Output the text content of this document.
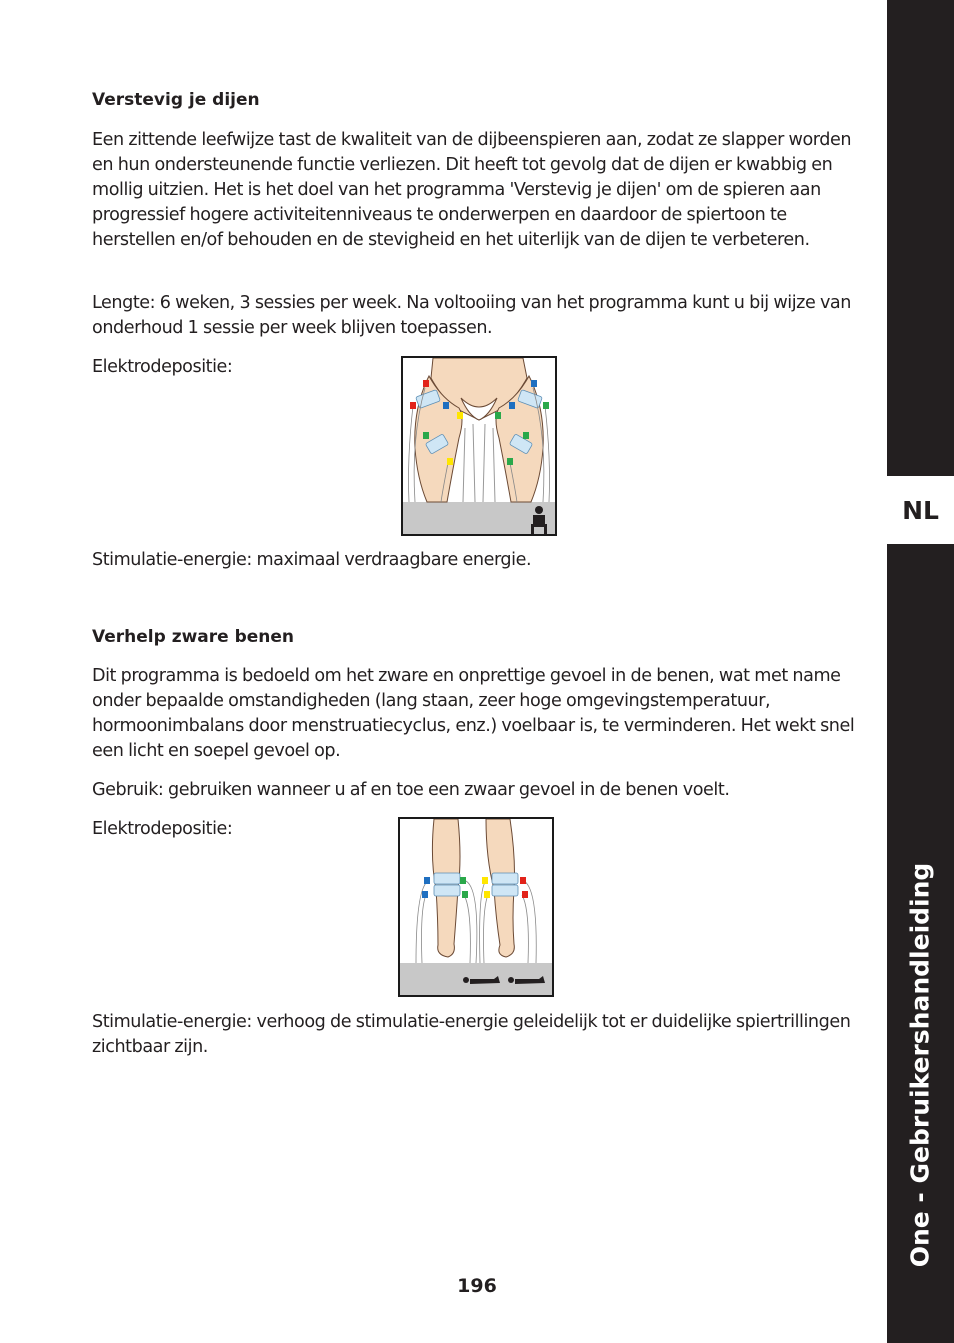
Verstevig je dijen

Een zittende leefwijze tast de kwaliteit van de dijbeenspieren aan, zodat ze slapper worden en hun ondersteunende functie verliezen. Dit heeft tot gevolg dat de dijen er kwabbig en mollig uitzien. Het is het doel van het programma 'Verstevig je dijen' om de spieren aan progressief hogere activiteitenniveaus te onderwerpen en daardoor de spiertoon te herstellen en/of behouden en de stevigheid en het uiterlijk van de dijen te verbeteren.

Lengte: 6 weken, 3 sessies per week. Na voltooiing van het programma kunt u bij wijze van onderhoud 1 sessie per week blijven toepassen.

Elektrodepositie:

Stimulatie-energie: maximaal verdraagbare energie.

Verhelp zware benen

Dit programma is bedoeld om het zware en onprettige gevoel in de benen, wat met name onder bepaalde omstandigheden (lang staan, zeer hoge omgevingstemperatuur, hormoonimbalans door menstruatiecyclus, enz.) voelbaar is, te verminderen. Het wekt snel een licht en soepel gevoel op.

Gebruik: gebruiken wanneer u af en toe een zwaar gevoel in de benen voelt.

Elektrodepositie:

Stimulatie-energie: verhoog de stimulatie-energie geleidelijk tot er duidelijke spiertrillingen zichtbaar zijn.

NL
One - Gebruikershandleiding
196
